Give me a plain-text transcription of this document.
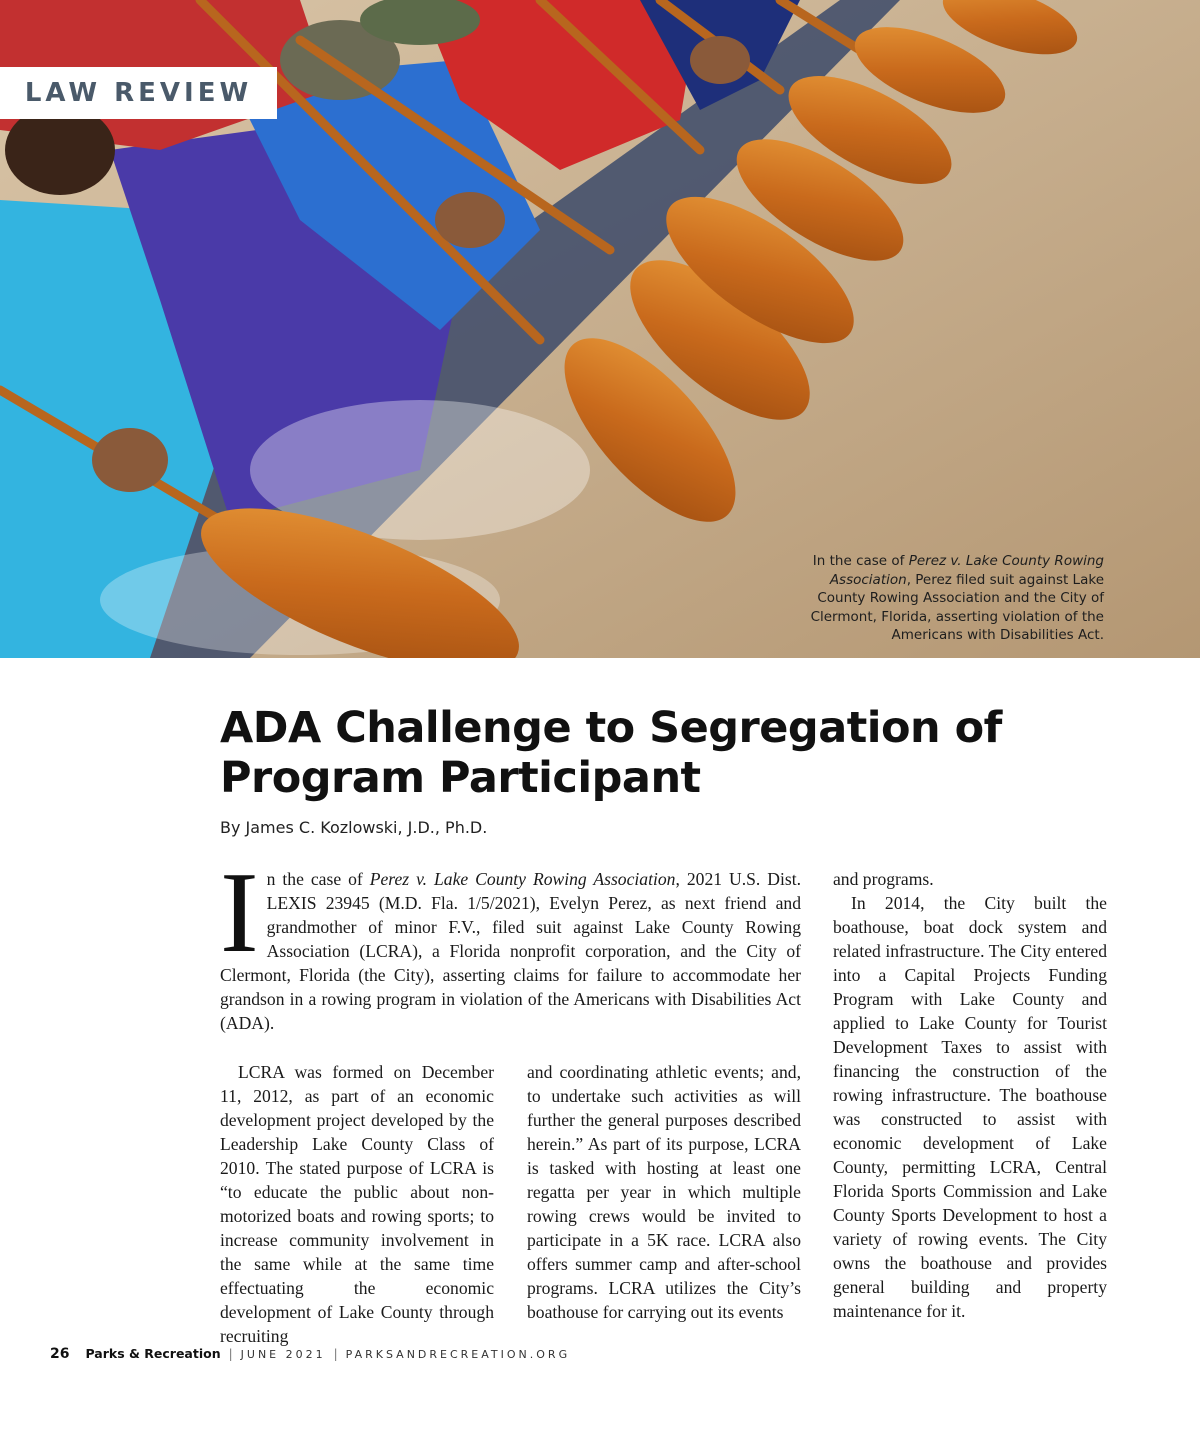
LAW REVIEW
In the case of Perez v. Lake County Rowing Association, Perez filed suit against Lake County Rowing Association and the City of Clermont, Florida, asserting violation of the Americans with Disabilities Act.
ADA Challenge to Segregation of Program Participant
By James C. Kozlowski, J.D., Ph.D.

In the case of Perez v. Lake County Rowing Association, 2021 U.S. Dist. LEXIS 23945 (M.D. Fla. 1/5/2021), Evelyn Perez, as next friend and grandmother of minor F.V., filed suit against Lake County Rowing Association (LCRA), a Florida nonprofit corporation, and the City of Clermont, Florida (the City), asserting claims for failure to accommodate her grandson in a rowing program in violation of the Americans with Disabilities Act (ADA).

LCRA was formed on December 11, 2012, as part of an economic development project developed by the Leadership Lake County Class of 2010. The stated purpose of LCRA is “to educate the public about non-motorized boats and rowing sports; to increase community involvement in the same while at the same time effectuating the economic development of Lake County through recruiting

and coordinating athletic events; and, to undertake such activities as will further the general purposes described herein.” As part of its purpose, LCRA is tasked with hosting at least one regatta per year in which multiple rowing crews would be invited to participate in a 5K race. LCRA also offers summer camp and after-school programs. LCRA utilizes the City’s boathouse for carrying out its events

and programs.

In 2014, the City built the boathouse, boat dock system and related infrastructure. The City entered into a Capital Projects Funding Program with Lake County and applied to Lake County for Tourist Development Taxes to assist with financing the construction of the rowing infrastructure. The boathouse was constructed to assist with economic development of Lake County, permitting LCRA, Central Florida Sports Commission and Lake County Sports Development to host a variety of rowing events. The City owns the boathouse and provides general building and property maintenance for it.

26 Parks & Recreation | JUNE 2021 | PARKSANDRECREATION.ORG
